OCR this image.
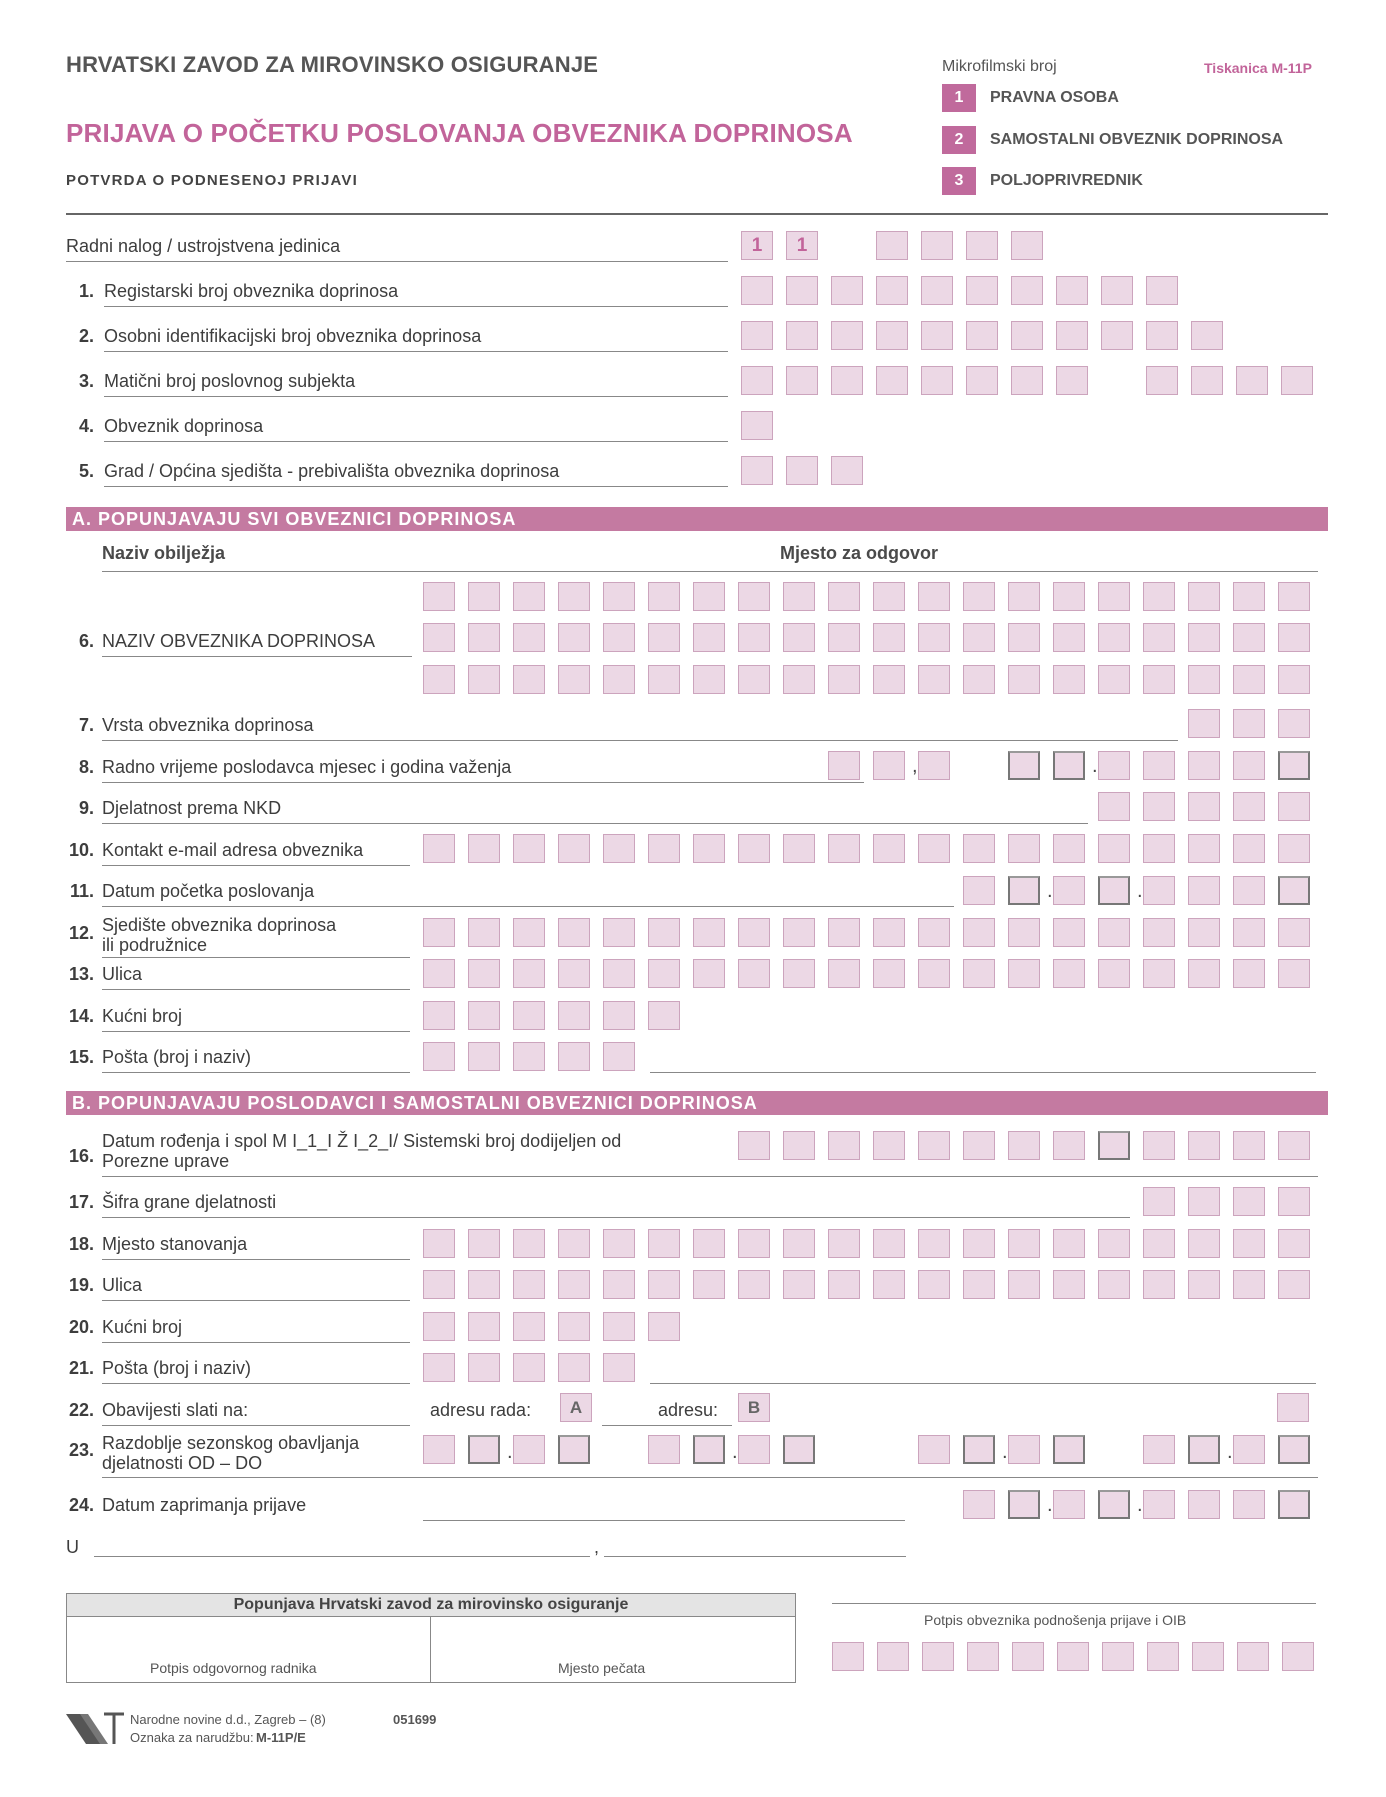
HRVATSKI ZAVOD ZA MIROVINSKO OSIGURANJE
PRIJAVA O POČETKU POSLOVANJA OBVEZNIKA DOPRINOSA
POTVRDA O PODNESENOJ PRIJAVI
Mikrofilmski broj	Tiskanica M-11P
1	PRAVNA OSOBA
2	SAMOSTALNI OBVEZNIK DOPRINOSA
3	POLJOPRIVREDNIK
Radni nalog / ustrojstvena jedinica	1	1
1. Registarski broj obveznika doprinosa
2. Osobni identifikacijski broj obveznika doprinosa
3. Matični broj poslovnog subjekta
4. Obveznik doprinosa
5. Grad / Općina sjedišta - prebivališta obveznika doprinosa
A. POPUNJAVAJU SVI OBVEZNICI DOPRINOSA
Naziv obilježja	Mjesto za odgovor
6. NAZIV OBVEZNIKA DOPRINOSA
7. Vrsta obveznika doprinosa
8. Radno vrijeme poslodavca mjesec i godina važenja
9. Djelatnost prema NKD
10. Kontakt e-mail adresa obveznika
11. Datum početka poslovanja
12. Sjedište obveznika doprinosa
ili podružnice
13. Ulica
14. Kućni broj
15. Pošta (broj i naziv)
B. POPUNJAVAJU POSLODAVCI I SAMOSTALNI OBVEZNICI DOPRINOSA
16.
Datum rođenja i spol M I_1_I Ž I_2_I/ Sistemski broj dodijeljen od
Porezne uprave
17. Šifra grane djelatnosti
18. Mjesto stanovanja
19. Ulica
20. Kućni broj
21. Pošta (broj i naziv)
22. Obavijesti slati na:	adresu rada:	A	adresu:	B
23. Razdoblje sezonskog obavljanja
djelatnosti OD – DO
24. Datum zaprimanja prijave
U	,
Popunjava Hrvatski zavod za mirovinsko osiguranje
Potpis odgovornog radnika	Mjesto pečata
Potpis obveznika podnošenja prijave i OIB
Narodne novine d.d., Zagreb – (8)	051699
Oznaka za narudžbu: M-11P/E
,	.
.	.
.	.	.	.
.	.
